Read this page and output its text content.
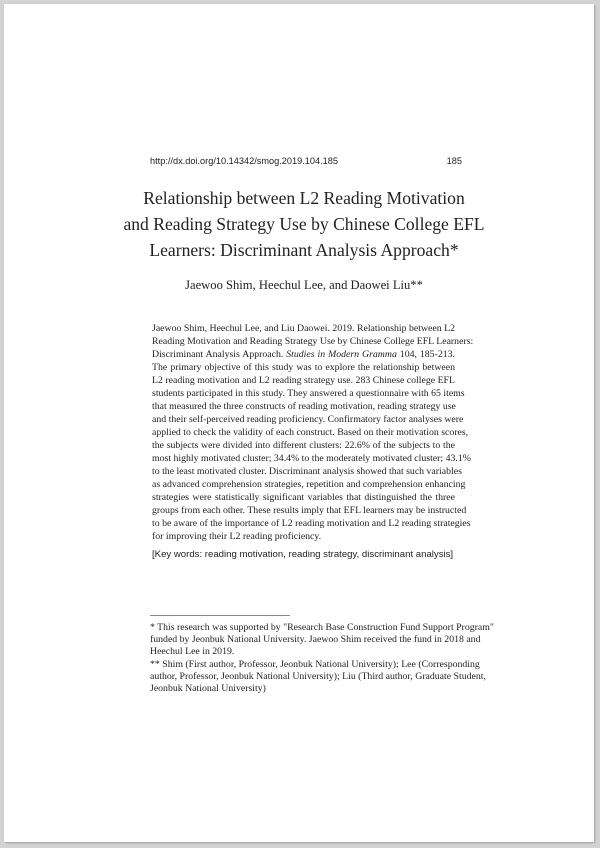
http://dx.doi.org/10.14342/smog.2019.104.185	185
Relationship between L2 Reading Motivation
and Reading Strategy Use by Chinese College EFL
Learners: Discriminant Analysis Approach*
Jaewoo Shim, Heechul Lee, and Daowei Liu**
Jaewoo Shim, Heechul Lee, and Liu Daowei. 2019. Relationship between L2
Reading Motivation and Reading Strategy Use by Chinese College EFL Learners:
Discriminant Analysis Approach. Studies in Modern Gramma 104, 185-213.
The primary objective of this study was to explore the relationship between
L2 reading motivation and L2 reading strategy use. 283 Chinese college EFL
students participated in this study. They answered a questionnaire with 65 items
that measured the three constructs of reading motivation, reading strategy use
and their self-perceived reading proficiency. Confirmatory factor analyses were
applied to check the validity of each construct. Based on their motivation scores,
the subjects were divided into different clusters: 22.6% of the subjects to the
most highly motivated cluster; 34.4% to the moderately motivated cluster; 43.1%
to the least motivated cluster. Discriminant analysis showed that such variables
as advanced comprehension strategies, repetition and comprehension enhancing
strategies were statistically significant variables that distinguished the three
groups from each other. These results imply that EFL learners may be instructed
to be aware of the importance of L2 reading motivation and L2 reading strategies
for improving their L2 reading proficiency.
[Key words: reading motivation, reading strategy, discriminant analysis]
* This research was supported by "Research Base Construction Fund Support Program"
funded by Jeonbuk National University. Jaewoo Shim received the fund in 2018 and
Heechul Lee in 2019.
** Shim (First author, Professor, Jeonbuk National University); Lee (Corresponding
author, Professor, Jeonbuk National University); Liu (Third author, Graduate Student,
Jeonbuk National University)
